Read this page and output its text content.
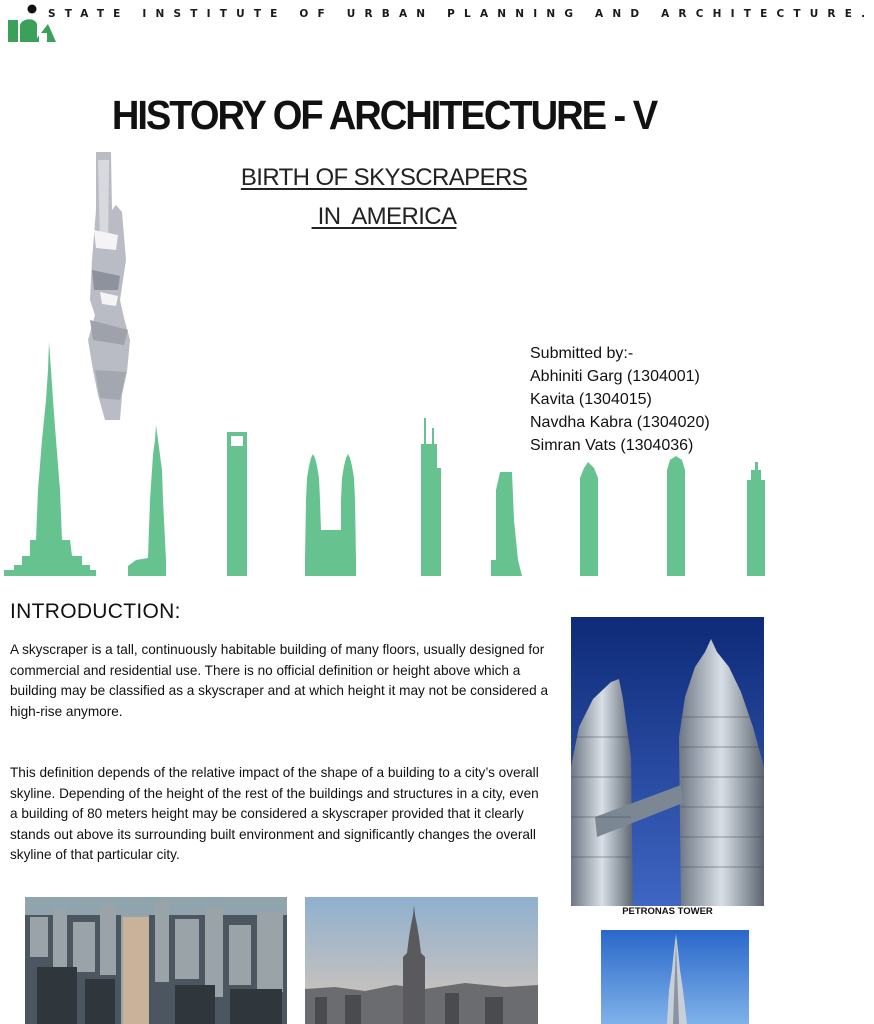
STATE INSTITUTE OF URBAN PLANNING AND ARCHITECTURE.
HISTORY OF ARCHITECTURE - V
BIRTH OF SKYSCRAPERS
IN  AMERICA
Submitted by:-
Abhiniti Garg (1304001)
Kavita (1304015)
Navdha Kabra (1304020)
Simran Vats (1304036)
INTRODUCTION:
A skyscraper is a tall, continuously habitable building of many floors, usually designed for commercial and residential use. There is no official definition or height above which a building may be classified as a skyscraper and at which height it may not be considered a high-rise anymore.
This definition depends of the relative impact of the shape of a building to a city’s overall skyline. Depending of the height of the rest of the buildings and structures in a city, even a building of 80 meters height may be considered a skyscraper provided that it clearly stands out above its surrounding built environment and significantly changes the overall skyline of that particular city.
PETRONAS TOWER
